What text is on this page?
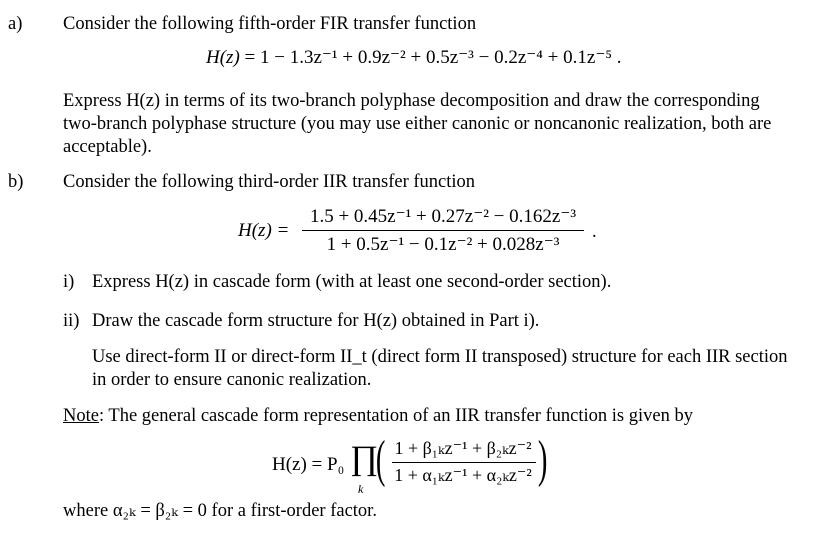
a) Consider the following fifth-order FIR transfer function
H(z) = 1 − 1.3z⁻¹ + 0.9z⁻² + 0.5z⁻³ − 0.2z⁻⁴ + 0.1z⁻⁵ .
Express H(z) in terms of its two-branch polyphase decomposition and draw the corresponding two-branch polyphase structure (you may use either canonic or noncanonic realization, both are acceptable).
b) Consider the following third-order IIR transfer function
H(z) =
1.5 + 0.45z⁻¹ + 0.27z⁻² − 0.162z⁻³
1 + 0.5z⁻¹ − 0.1z⁻² + 0.028z⁻³
.
i) Express H(z) in cascade form (with at least one second-order section).
ii) Draw the cascade form structure for H(z) obtained in Part i).
Use direct-form II or direct-form II_t (direct form II transposed) structure for each IIR section in order to ensure canonic realization.
Note: The general cascade form representation of an IIR transfer function is given by
H(z) = P₀ ∏
k
( 1 + β₁ₖz⁻¹ + β₂ₖz⁻²
1 + α₁ₖz⁻¹ + α₂ₖz⁻² )
where α₂ₖ = β₂ₖ = 0 for a first-order factor.
